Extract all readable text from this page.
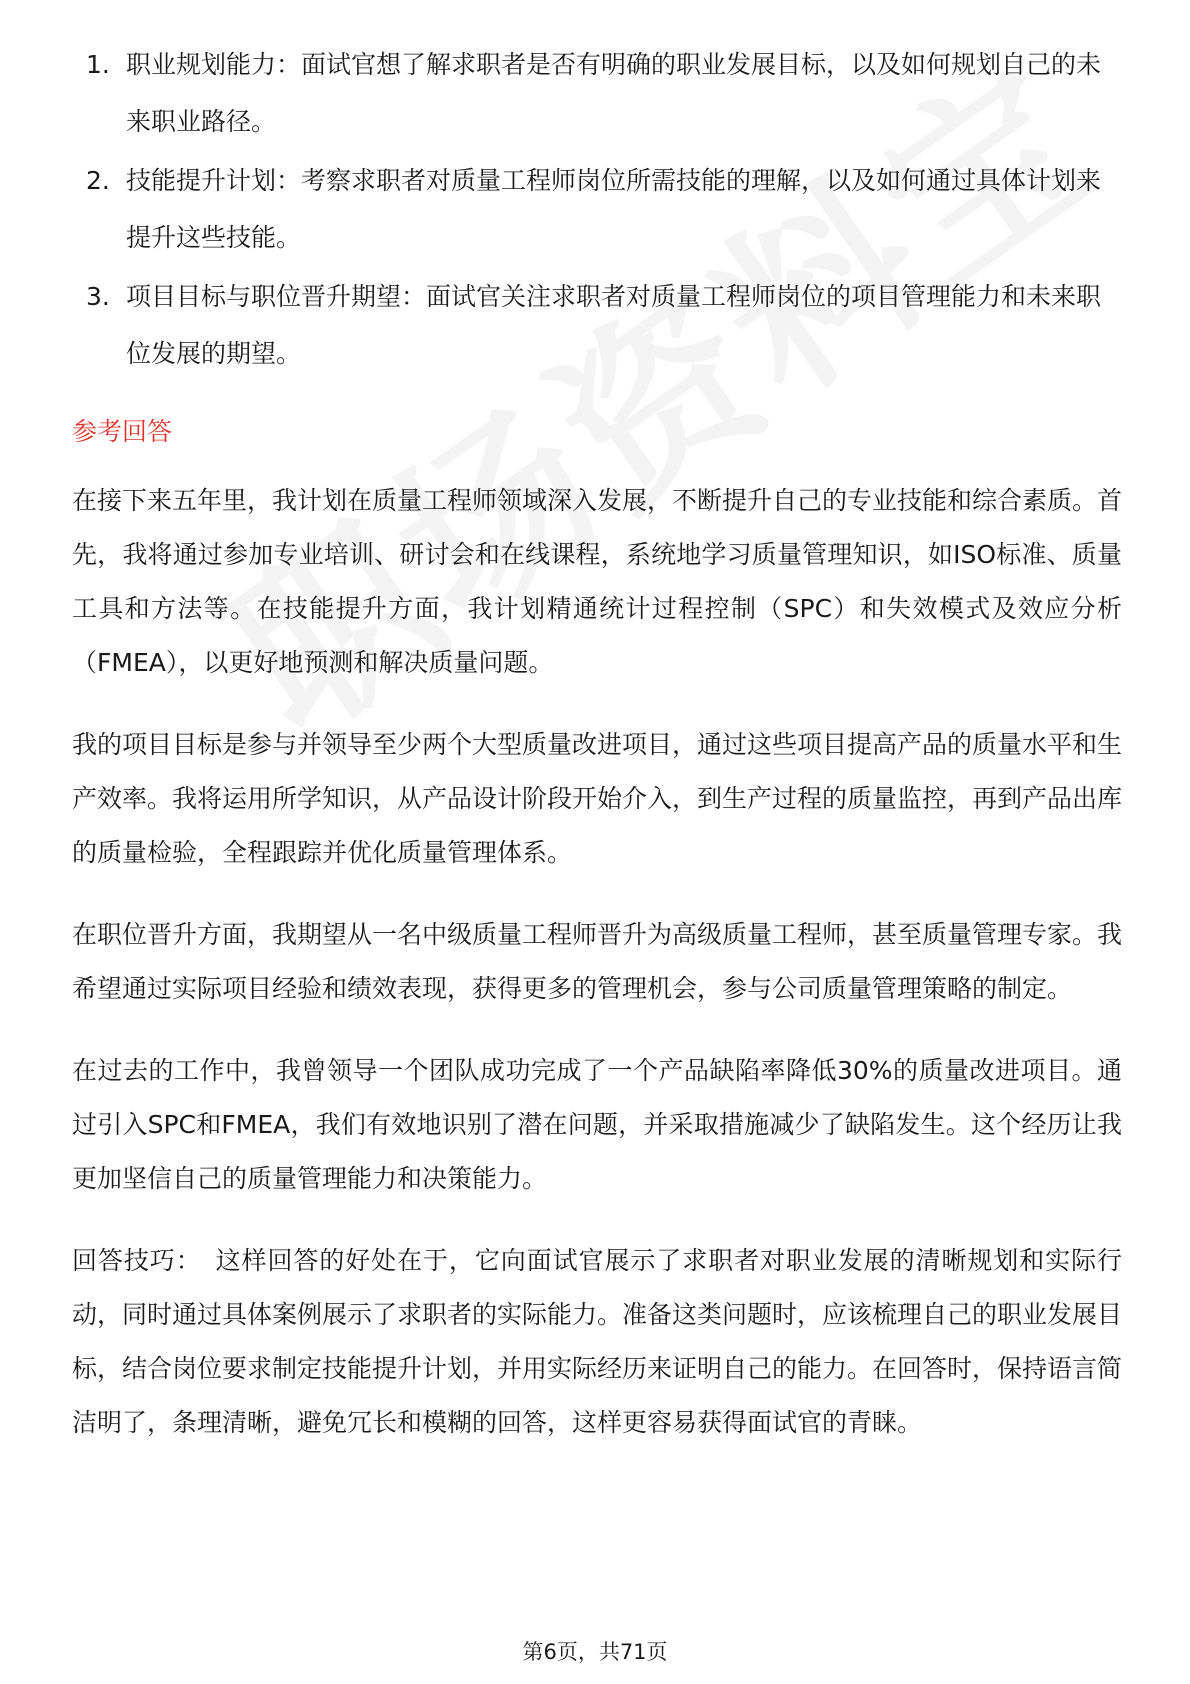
1. 职业规划能力：面试官想了解求职者是否有明确的职业发展目标，以及如何规划自己的未来职业路径。
2. 技能提升计划：考察求职者对质量工程师岗位所需技能的理解，以及如何通过具体计划来提升这些技能。
3. 项目目标与职位晋升期望：面试官关注求职者对质量工程师岗位的项目管理能力和未来职位发展的期望。
参考回答

在接下来五年里，我计划在质量工程师领域深入发展，不断提升自己的专业技能和综合素质。首先，我将通过参加专业培训、研讨会和在线课程，系统地学习质量管理知识，如ISO标准、质量工具和方法等。在技能提升方面，我计划精通统计过程控制（SPC）和失效模式及效应分析（FMEA），以更好地预测和解决质量问题。

我的项目目标是参与并领导至少两个大型质量改进项目，通过这些项目提高产品的质量水平和生产效率。我将运用所学知识，从产品设计阶段开始介入，到生产过程的质量监控，再到产品出库的质量检验，全程跟踪并优化质量管理体系。

在职位晋升方面，我期望从一名中级质量工程师晋升为高级质量工程师，甚至质量管理专家。我希望通过实际项目经验和绩效表现，获得更多的管理机会，参与公司质量管理策略的制定。

在过去的工作中，我曾领导一个团队成功完成了一个产品缺陷率降低30%的质量改进项目。通过引入SPC和FMEA，我们有效地识别了潜在问题，并采取措施减少了缺陷发生。这个经历让我更加坚信自己的质量管理能力和决策能力。

回答技巧： 这样回答的好处在于，它向面试官展示了求职者对职业发展的清晰规划和实际行动，同时通过具体案例展示了求职者的实际能力。准备这类问题时，应该梳理自己的职业发展目标，结合岗位要求制定技能提升计划，并用实际经历来证明自己的能力。在回答时，保持语言简洁明了，条理清晰，避免冗长和模糊的回答，这样更容易获得面试官的青睐。

第6页，共71页
